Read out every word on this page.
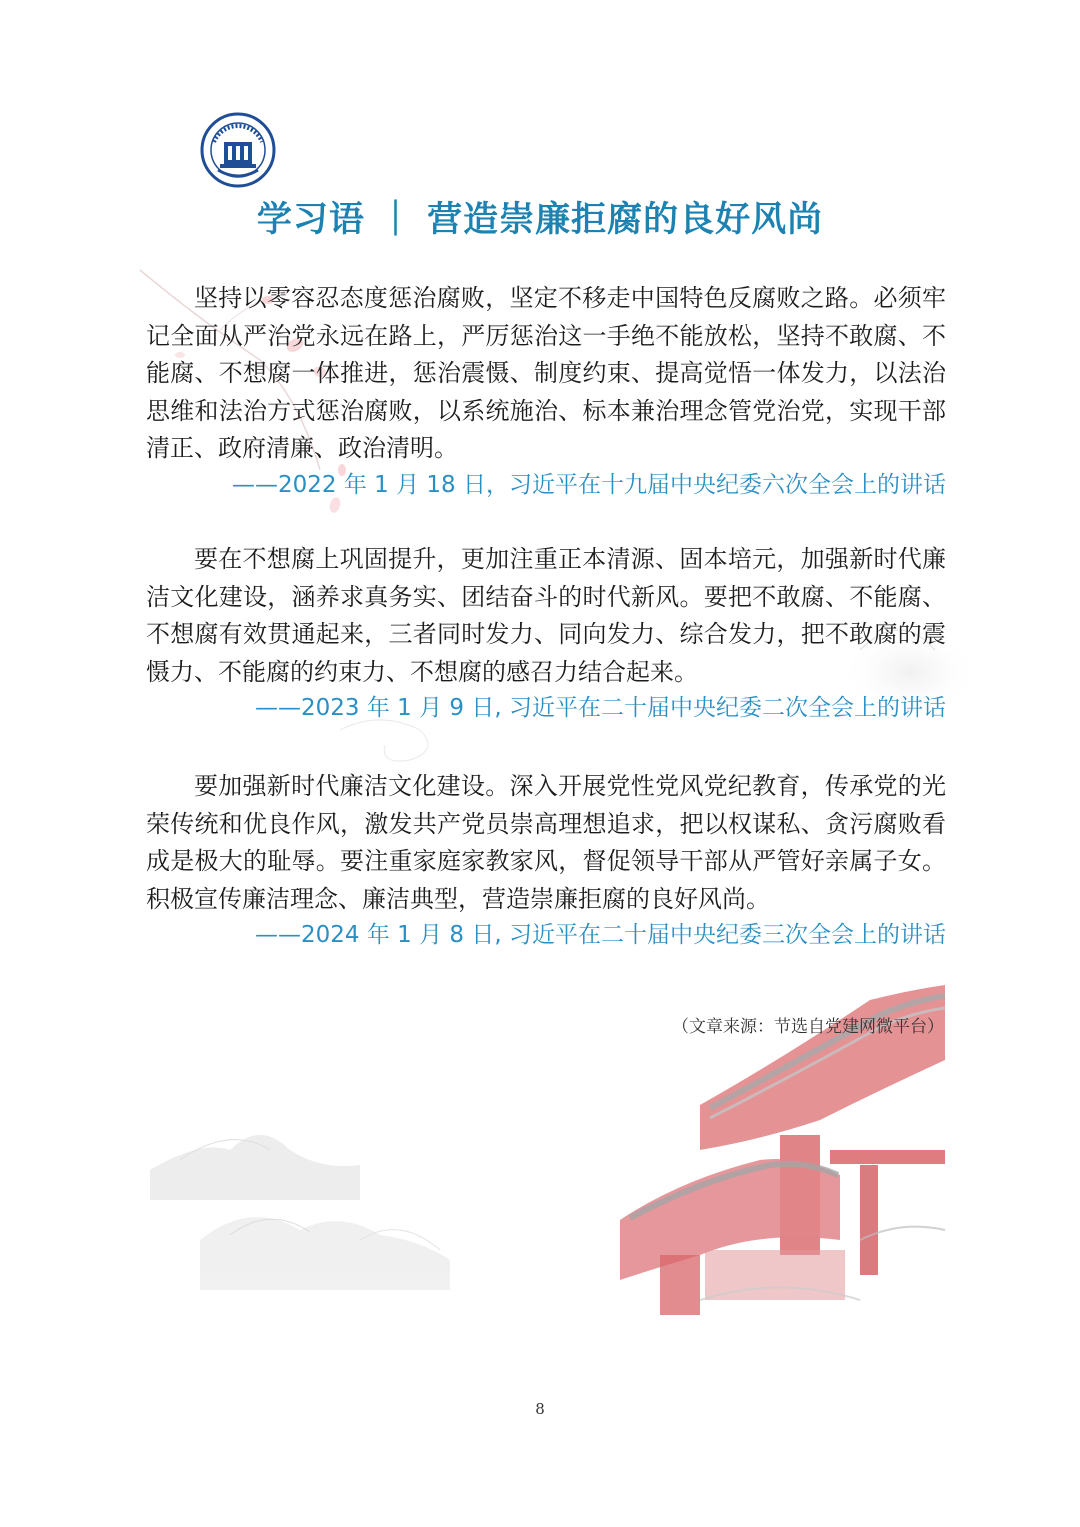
学习语 ｜ 营造崇廉拒腐的良好风尚

坚持以零容忍态度惩治腐败，坚定不移走中国特色反腐败之路。必须牢记全面从严治党永远在路上，严厉惩治这一手绝不能放松，坚持不敢腐、不能腐、不想腐一体推进，惩治震慑、制度约束、提高觉悟一体发力，以法治思维和法治方式惩治腐败，以系统施治、标本兼治理念管党治党，实现干部清正、政府清廉、政治清明。

——2022 年 1 月 18 日，习近平在十九届中央纪委六次全会上的讲话

要在不想腐上巩固提升，更加注重正本清源、固本培元，加强新时代廉洁文化建设，涵养求真务实、团结奋斗的时代新风。要把不敢腐、不能腐、不想腐有效贯通起来，三者同时发力、同向发力、综合发力，把不敢腐的震慑力、不能腐的约束力、不想腐的感召力结合起来。

——2023 年 1 月 9 日, 习近平在二十届中央纪委二次全会上的讲话

要加强新时代廉洁文化建设。深入开展党性党风党纪教育，传承党的光荣传统和优良作风，激发共产党员崇高理想追求，把以权谋私、贪污腐败看成是极大的耻辱。要注重家庭家教家风，督促领导干部从严管好亲属子女。积极宣传廉洁理念、廉洁典型，营造崇廉拒腐的良好风尚。

——2024 年 1 月 8 日, 习近平在二十届中央纪委三次全会上的讲话

（文章来源：节选自党建网微平台）

8
